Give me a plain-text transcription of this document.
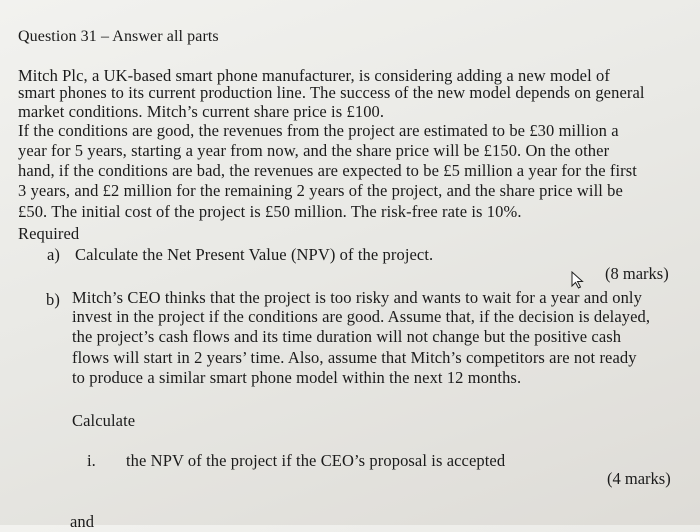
Question 31 – Answer all parts
Mitch Plc, a UK-based smart phone manufacturer, is considering adding a new model of
smart phones to its current production line. The success of the new model depends on general
market conditions. Mitch’s current share price is £100.
If the conditions are good, the revenues from the project are estimated to be £30 million a
year for 5 years, starting a year from now, and the share price will be £150. On the other
hand, if the conditions are bad, the revenues are expected to be £5 million a year for the first
3 years, and £2 million for the remaining 2 years of the project, and the share price will be
£50. The initial cost of the project is £50 million. The risk-free rate is 10%.
Required
a) Calculate the Net Present Value (NPV) of the project.
(8 marks)
b) Mitch’s CEO thinks that the project is too risky and wants to wait for a year and only
invest in the project if the conditions are good. Assume that, if the decision is delayed,
the project’s cash flows and its time duration will not change but the positive cash
flows will start in 2 years’ time. Also, assume that Mitch’s competitors are not ready
to produce a similar smart phone model within the next 12 months.
Calculate
i. the NPV of the project if the CEO’s proposal is accepted
(4 marks)
and
